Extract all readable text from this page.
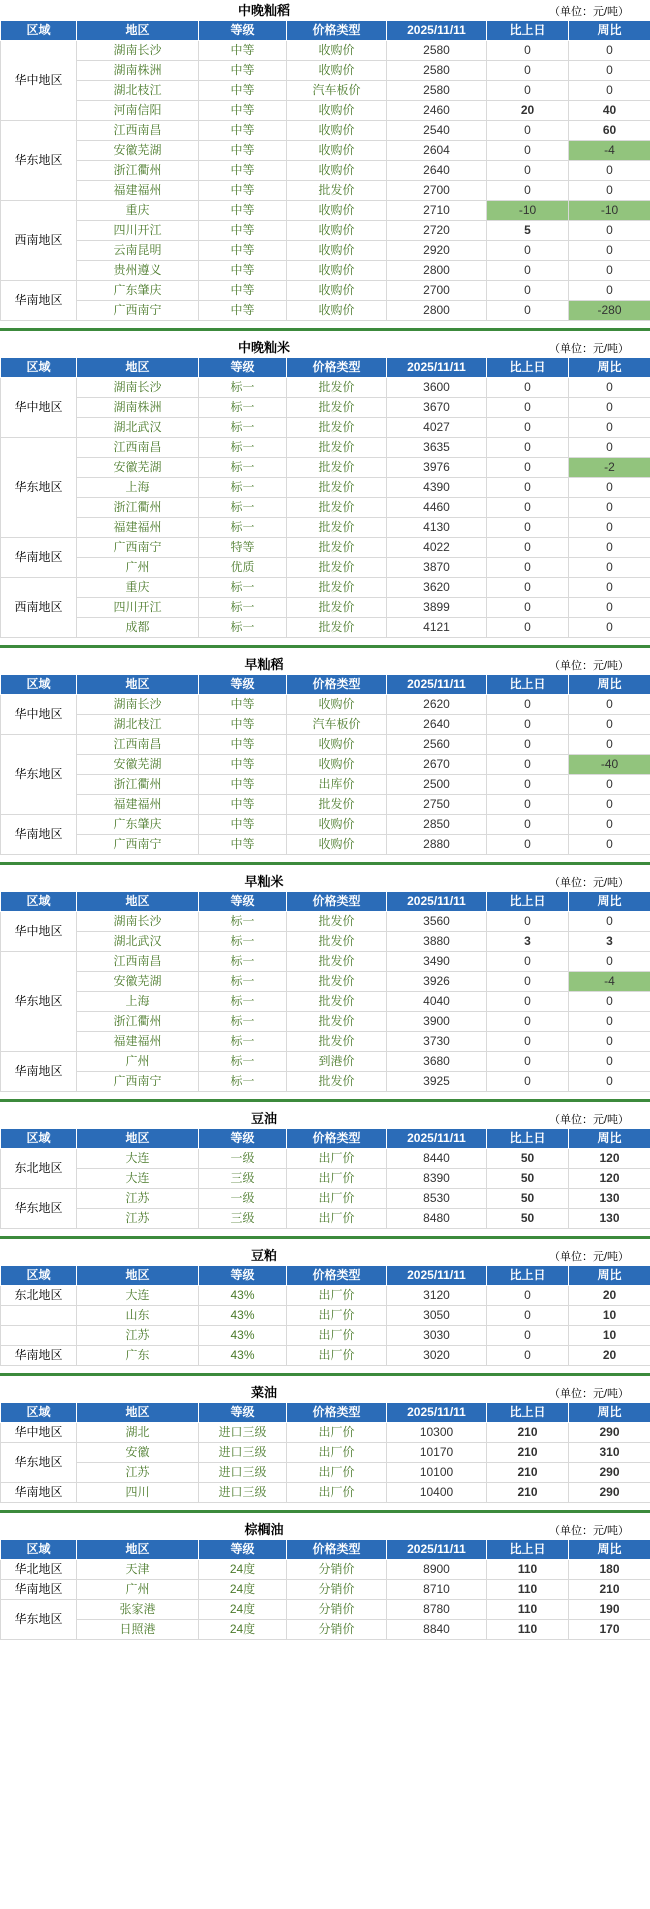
中晚籼稻	（单位：元/吨）
区域	地区	等级	价格类型	2025/11/11	比上日	周比
华中地区	湖南长沙	中等	收购价	2580	0	0
	湖南株洲	中等	收购价	2580	0	0
	湖北枝江	中等	汽车板价	2580	0	0
	河南信阳	中等	收购价	2460	20	40
华东地区	江西南昌	中等	收购价	2540	0	60
	安徽芜湖	中等	收购价	2604	0	-4
	浙江衢州	中等	收购价	2640	0	0
	福建福州	中等	批发价	2700	0	0
西南地区	重庆	中等	收购价	2710	-10	-10
	四川开江	中等	收购价	2720	5	0
	云南昆明	中等	收购价	2920	0	0
	贵州遵义	中等	收购价	2800	0	0
华南地区	广东肇庆	中等	收购价	2700	0	0
	广西南宁	中等	收购价	2800	0	-280
中晚籼米	（单位：元/吨）
区域	地区	等级	价格类型	2025/11/11	比上日	周比
华中地区	湖南长沙	标一	批发价	3600	0	0
	湖南株洲	标一	批发价	3670	0	0
	湖北武汉	标一	批发价	4027	0	0
华东地区	江西南昌	标一	批发价	3635	0	0
	安徽芜湖	标一	批发价	3976	0	-2
	上海	标一	批发价	4390	0	0
	浙江衢州	标一	批发价	4460	0	0
	福建福州	标一	批发价	4130	0	0
华南地区	广西南宁	特等	批发价	4022	0	0
	广州	优质	批发价	3870	0	0
西南地区	重庆	标一	批发价	3620	0	0
	四川开江	标一	批发价	3899	0	0
	成都	标一	批发价	4121	0	0
早籼稻	（单位：元/吨）
区域	地区	等级	价格类型	2025/11/11	比上日	周比
华中地区	湖南长沙	中等	收购价	2620	0	0
	湖北枝江	中等	汽车板价	2640	0	0
华东地区	江西南昌	中等	收购价	2560	0	0
	安徽芜湖	中等	收购价	2670	0	-40
	浙江衢州	中等	出库价	2500	0	0
	福建福州	中等	批发价	2750	0	0
华南地区	广东肇庆	中等	收购价	2850	0	0
	广西南宁	中等	收购价	2880	0	0
早籼米	（单位：元/吨）
区域	地区	等级	价格类型	2025/11/11	比上日	周比
华中地区	湖南长沙	标一	批发价	3560	0	0
	湖北武汉	标一	批发价	3880	3	3
华东地区	江西南昌	标一	批发价	3490	0	0
	安徽芜湖	标一	批发价	3926	0	-4
	上海	标一	批发价	4040	0	0
	浙江衢州	标一	批发价	3900	0	0
	福建福州	标一	批发价	3730	0	0
华南地区	广州	标一	到港价	3680	0	0
	广西南宁	标一	批发价	3925	0	0
豆油	（单位：元/吨）
区域	地区	等级	价格类型	2025/11/11	比上日	周比
东北地区	大连	一级	出厂价	8440	50	120
	大连	三级	出厂价	8390	50	120
华东地区	江苏	一级	出厂价	8530	50	130
	江苏	三级	出厂价	8480	50	130
豆粕	（单位：元/吨）
区域	地区	等级	价格类型	2025/11/11	比上日	周比
东北地区	大连	43%	出厂价	3120	0	20
	山东	43%	出厂价	3050	0	10
	江苏	43%	出厂价	3030	0	10
华南地区	广东	43%	出厂价	3020	0	20
菜油	（单位：元/吨）
区域	地区	等级	价格类型	2025/11/11	比上日	周比
华中地区	湖北	进口三级	出厂价	10300	210	290
华东地区	安徽	进口三级	出厂价	10170	210	310
	江苏	进口三级	出厂价	10100	210	290
华南地区	四川	进口三级	出厂价	10400	210	290
棕榈油	（单位：元/吨）
区域	地区	等级	价格类型	2025/11/11	比上日	周比
华北地区	天津	24度	分销价	8900	110	180
华南地区	广州	24度	分销价	8710	110	210
华东地区	张家港	24度	分销价	8780	110	190
	日照港	24度	分销价	8840	110	170
